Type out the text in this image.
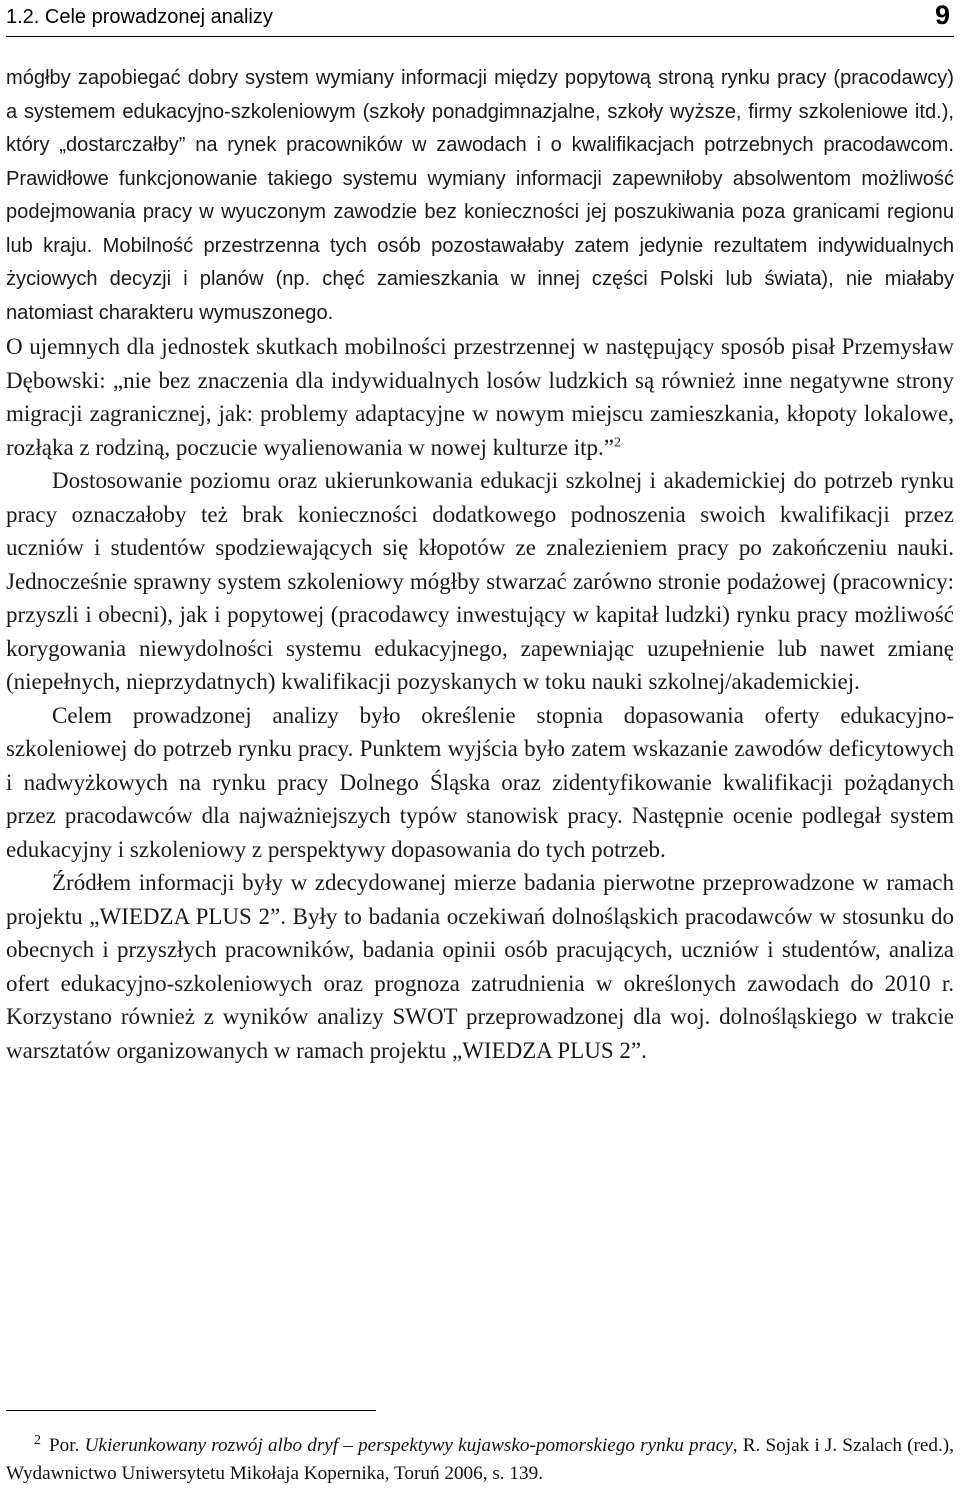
1.2. Cele prowadzonej analizy	9

mógłby zapobiegać dobry system wymiany informacji między popytową stroną rynku pracy (pracodawcy) a systemem edukacyjno-szkoleniowym (szkoły ponadgimnazjalne, szkoły wyższe, firmy szkoleniowe itd.), który „dostarczałby” na rynek pracowników w zawodach i o kwalifikacjach potrzebnych pracodawcom. Prawidłowe funkcjonowanie takiego systemu wymiany informacji zapewniłoby absolwentom możliwość podejmowania pracy w wyuczonym zawodzie bez konieczności jej poszukiwania poza granicami regionu lub kraju. Mobilność przestrzenna tych osób pozostawałaby zatem jedynie rezultatem indywidualnych życiowych decyzji i planów (np. chęć zamieszkania w innej części Polski lub świata), nie miałaby natomiast charakteru wymuszonego.

O ujemnych dla jednostek skutkach mobilności przestrzennej w następujący sposób pisał Przemysław Dębowski: „nie bez znaczenia dla indywidualnych losów ludzkich są również inne negatywne strony migracji zagranicznej, jak: problemy adaptacyjne w nowym miejscu zamieszkania, kłopoty lokalowe, rozłąka z rodziną, poczucie wyalienowania w nowej kulturze itp.”$^2$

Dostosowanie poziomu oraz ukierunkowania edukacji szkolnej i akademickiej do potrzeb rynku pracy oznaczałoby też brak konieczności dodatkowego podnoszenia swoich kwalifikacji przez uczniów i studentów spodziewających się kłopotów ze znalezieniem pracy po zakończeniu nauki. Jednocześnie sprawny system szkoleniowy mógłby stwarzać zarówno stronie podażowej (pracownicy: przyszli i obecni), jak i popytowej (pracodawcy inwestujący w kapitał ludzki) rynku pracy możliwość korygowania niewydolności systemu edukacyjnego, zapewniając uzupełnienie lub nawet zmianę (niepełnych, nieprzydatnych) kwalifikacji pozyskanych w toku nauki szkolnej/akademickiej.

Celem prowadzonej analizy było określenie stopnia dopasowania oferty edukacyjno-szkoleniowej do potrzeb rynku pracy. Punktem wyjścia było zatem wskazanie zawodów deficytowych i nadwyżkowych na rynku pracy Dolnego Śląska oraz zidentyfikowanie kwalifikacji pożądanych przez pracodawców dla najważniejszych typów stanowisk pracy. Następnie ocenie podlegał system edukacyjny i szkoleniowy z perspektywy dopasowania do tych potrzeb.

Źródłem informacji były w zdecydowanej mierze badania pierwotne przeprowadzone w ramach projektu „WIEDZA PLUS 2”. Były to badania oczekiwań dolnośląskich pracodawców w stosunku do obecnych i przyszłych pracowników, badania opinii osób pracujących, uczniów i studentów, analiza ofert edukacyjno-szkoleniowych oraz prognoza zatrudnienia w określonych zawodach do 2010 r. Korzystano również z wyników analizy SWOT przeprowadzonej dla woj. dolnośląskiego w trakcie warsztatów organizowanych w ramach projektu „WIEDZA PLUS 2”.

$^2$ Por. Ukierunkowany rozwój albo dryf – perspektywy kujawsko-pomorskiego rynku pracy, R. Sojak i J. Szalach (red.), Wydawnictwo Uniwersytetu Mikołaja Kopernika, Toruń 2006, s. 139.
